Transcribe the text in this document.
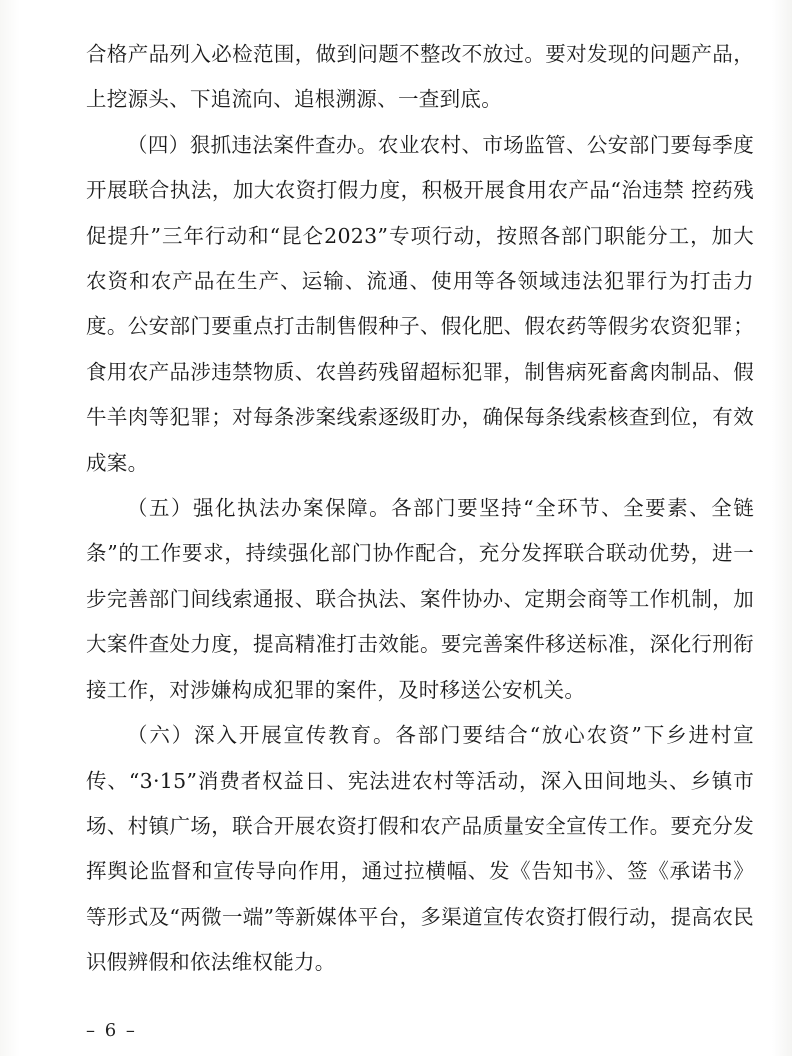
合格产品列入必检范围，做到问题不整改不放过。要对发现的问题产品，上挖源头、下追流向、追根溯源、一查到底。

（四）狠抓违法案件查办。农业农村、市场监管、公安部门要每季度开展联合执法，加大农资打假力度，积极开展食用农产品“治违禁 控药残 促提升”三年行动和“昆仑2023”专项行动，按照各部门职能分工，加大农资和农产品在生产、运输、流通、使用等各领域违法犯罪行为打击力度。公安部门要重点打击制售假种子、假化肥、假农药等假劣农资犯罪；食用农产品涉违禁物质、农兽药残留超标犯罪，制售病死畜禽肉制品、假牛羊肉等犯罪；对每条涉案线索逐级盯办，确保每条线索核查到位，有效成案。

（五）强化执法办案保障。各部门要坚持“全环节、全要素、全链条”的工作要求，持续强化部门协作配合，充分发挥联合联动优势，进一步完善部门间线索通报、联合执法、案件协办、定期会商等工作机制，加大案件查处力度，提高精准打击效能。要完善案件移送标准，深化行刑衔接工作，对涉嫌构成犯罪的案件，及时移送公安机关。

（六）深入开展宣传教育。各部门要结合“放心农资”下乡进村宣传、“3·15”消费者权益日、宪法进农村等活动，深入田间地头、乡镇市场、村镇广场，联合开展农资打假和农产品质量安全宣传工作。要充分发挥舆论监督和宣传导向作用，通过拉横幅、发《告知书》、签《承诺书》等形式及“两微一端”等新媒体平台，多渠道宣传农资打假行动，提高农民识假辨假和依法维权能力。

– 6 –
